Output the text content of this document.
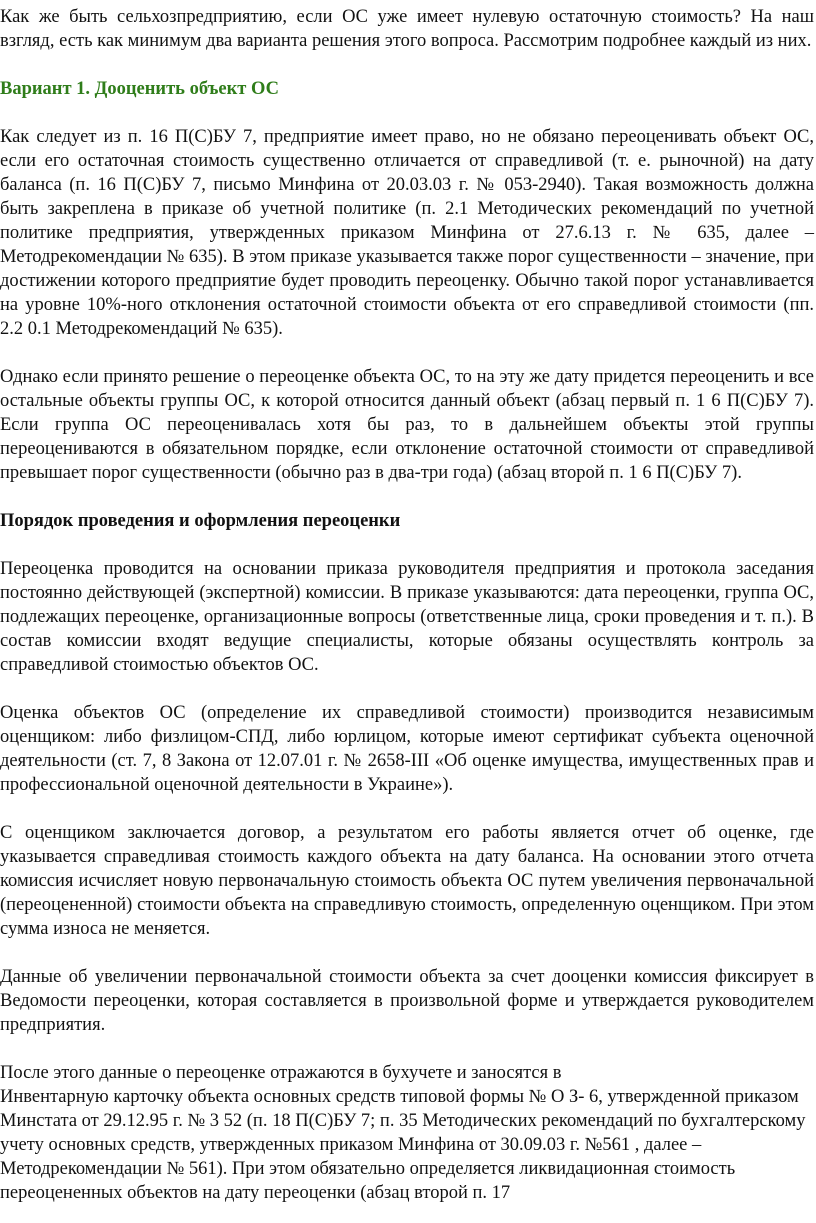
Как же быть сельхозпредприятию, если ОС уже имеет нулевую остаточную стоимость? На наш взгляд, есть как минимум два варианта решения этого вопроса. Рассмотрим подробнее каждый из них.

Вариант 1. Дооценить объект ОС

Как следует из п. 16 П(С)БУ 7, предприятие имеет право, но не обязано переоценивать объект ОС, если его остаточная стоимость существенно отличается от справедливой (т. е. рыночной) на дату баланса (п. 16 П(С)БУ 7, письмо Минфина от 20.03.03 г. № 053-2940). Такая возможность должна быть закреплена в приказе об учетной политике (п. 2.1 Методических рекомендаций по учетной политике предприятия, утвержденных приказом Минфина от 27.6.13 г. № 635, далее – Методрекомендации № 635). В этом приказе указывается также порог существенности – значение, при достижении которого предприятие будет проводить переоценку. Обычно такой порог устанавливается на уровне 10%-ного отклонения остаточной стоимости объекта от его справедливой стоимости (пп. 2.2 0.1 Методрекомендаций № 635).

Однако если принято решение о переоценке объекта ОС, то на эту же дату придется переоценить и все остальные объекты группы ОС, к которой относится данный объект (абзац первый п. 1 6 П(С)БУ 7). Если группа ОС переоценивалась хотя бы раз, то в дальнейшем объекты этой группы переоцениваются в обязательном порядке, если отклонение остаточной стоимости от справедливой превышает порог существенности (обычно раз в два-три года) (абзац второй п. 1 6 П(С)БУ 7).

Порядок проведения и оформления переоценки

Переоценка проводится на основании приказа руководителя предприятия и протокола заседания постоянно действующей (экспертной) комиссии. В приказе указываются: дата переоценки, группа ОС, подлежащих переоценке, организационные вопросы (ответственные лица, сроки проведения и т. п.). В состав комиссии входят ведущие специалисты, которые обязаны осуществлять контроль за справедливой стоимостью объектов ОС.

Оценка объектов ОС (определение их справедливой стоимости) производится независимым оценщиком: либо физлицом-СПД, либо юрлицом, которые имеют сертификат субъекта оценочной деятельности (ст. 7, 8 Закона от 12.07.01 г. № 2658-III «Об оценке имущества, имущественных прав и профессиональной оценочной деятельности в Украине»).

С оценщиком заключается договор, а результатом его работы является отчет об оценке, где указывается справедливая стоимость каждого объекта на дату баланса. На основании этого отчета комиссия исчисляет новую первоначальную стоимость объекта ОС путем увеличения первоначальной (переоцененной) стоимости объекта на справедливую стоимость, определенную оценщиком. При этом сумма износа не меняется.

Данные об увеличении первоначальной стоимости объекта за счет дооценки комиссия фиксирует в Ведомости переоценки, которая составляется в произвольной форме и утверждается руководителем предприятия.

После этого данные о переоценке отражаются в бухучете и заносятся в

Инвентарную карточку объекта основных средств типовой формы № О З- 6, утвержденной приказом Минстата от 29.12.95 г. № 3 52 (п. 18 П(С)БУ 7; п. 35 Методических рекомендаций по бухгалтерскому учету основных средств, утвержденных приказом Минфина от 30.09.03 г. №561 , далее – Методрекомендации № 561). При этом обязательно определяется ликвидационная стоимость переоцененных объектов на дату переоценки (абзац второй п. 17
